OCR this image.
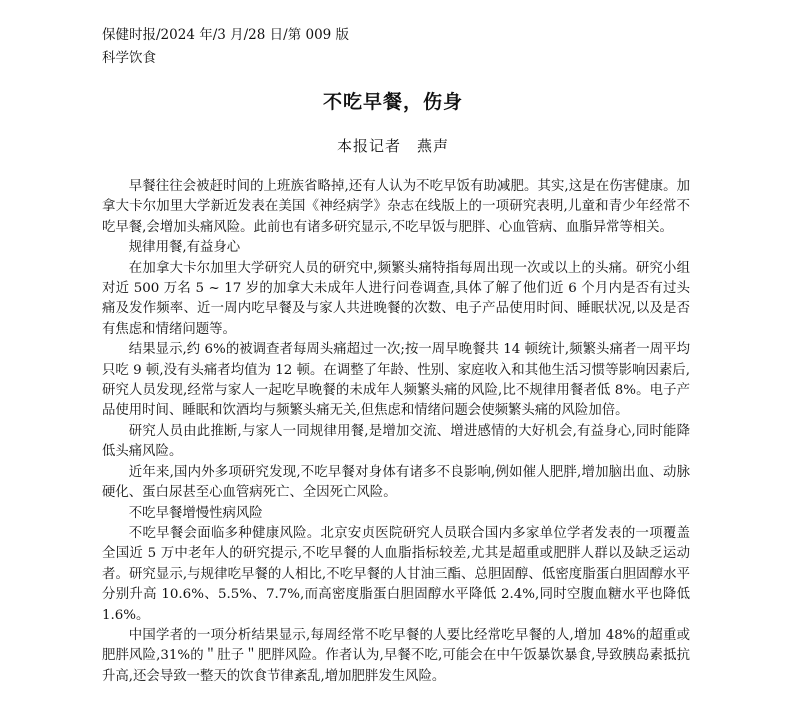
保健时报/2024 年/3 月/28 日/第 009 版
科学饮食
不吃早餐，伤身
本报记者　燕声

早餐往往会被赶时间的上班族省略掉,还有人认为不吃早饭有助减肥。其实,这是在伤害健康。加拿大卡尔加里大学新近发表在美国《神经病学》杂志在线版上的一项研究表明,儿童和青少年经常不吃早餐,会增加头痛风险。此前也有诸多研究显示,不吃早饭与肥胖、心血管病、血脂异常等相关。

规律用餐,有益身心

在加拿大卡尔加里大学研究人员的研究中,频繁头痛特指每周出现一次或以上的头痛。研究小组对近 500 万名 5 ~ 17 岁的加拿大未成年人进行问卷调查,具体了解了他们近 6 个月内是否有过头痛及发作频率、近一周内吃早餐及与家人共进晚餐的次数、电子产品使用时间、睡眠状况,以及是否有焦虑和情绪问题等。

结果显示,约 6%的被调查者每周头痛超过一次;按一周早晚餐共 14 顿统计,频繁头痛者一周平均只吃 9 顿,没有头痛者均值为 12 顿。在调整了年龄、性别、家庭收入和其他生活习惯等影响因素后,研究人员发现,经常与家人一起吃早晚餐的未成年人频繁头痛的风险,比不规律用餐者低 8%。电子产品使用时间、睡眠和饮酒均与频繁头痛无关,但焦虑和情绪问题会使频繁头痛的风险加倍。

研究人员由此推断,与家人一同规律用餐,是增加交流、增进感情的大好机会,有益身心,同时能降低头痛风险。

近年来,国内外多项研究发现,不吃早餐对身体有诸多不良影响,例如催人肥胖,增加脑出血、动脉硬化、蛋白尿甚至心血管病死亡、全因死亡风险。

不吃早餐增慢性病风险

不吃早餐会面临多种健康风险。北京安贞医院研究人员联合国内多家单位学者发表的一项覆盖全国近 5 万中老年人的研究提示,不吃早餐的人血脂指标较差,尤其是超重或肥胖人群以及缺乏运动者。研究显示,与规律吃早餐的人相比,不吃早餐的人甘油三酯、总胆固醇、低密度脂蛋白胆固醇水平分别升高 10.6%、5.5%、7.7%,而高密度脂蛋白胆固醇水平降低 2.4%,同时空腹血糖水平也降低 1.6%。

中国学者的一项分析结果显示,每周经常不吃早餐的人要比经常吃早餐的人,增加 48%的超重或肥胖风险,31%的＂肚子＂肥胖风险。作者认为,早餐不吃,可能会在中午饭暴饮暴食,导致胰岛素抵抗升高,还会导致一整天的饮食节律紊乱,增加肥胖发生风险。
